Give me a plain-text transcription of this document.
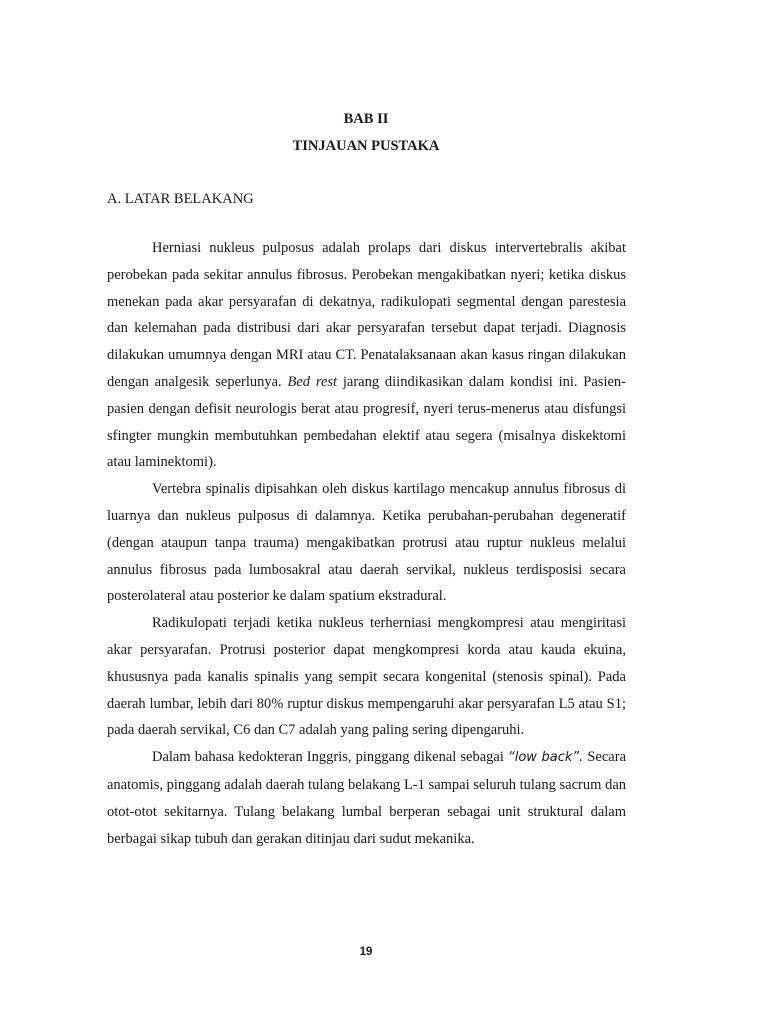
BAB II
TINJAUAN PUSTAKA
A. LATAR BELAKANG

Herniasi nukleus pulposus adalah prolaps dari diskus intervertebralis akibat perobekan pada sekitar annulus fibrosus. Perobekan mengakibatkan nyeri; ketika diskus menekan pada akar persyarafan di dekatnya, radikulopati segmental dengan parestesia dan kelemahan pada distribusi dari akar persyarafan tersebut dapat terjadi. Diagnosis dilakukan umumnya dengan MRI atau CT. Penatalaksanaan akan kasus ringan dilakukan dengan analgesik seperlunya. Bed rest jarang diindikasikan dalam kondisi ini. Pasien-pasien dengan defisit neurologis berat atau progresif, nyeri terus-menerus atau disfungsi sfingter mungkin membutuhkan pembedahan elektif atau segera (misalnya diskektomi atau laminektomi).

Vertebra spinalis dipisahkan oleh diskus kartilago mencakup annulus fibrosus di luarnya dan nukleus pulposus di dalamnya. Ketika perubahan-perubahan degeneratif (dengan ataupun tanpa trauma) mengakibatkan protrusi atau ruptur nukleus melalui annulus fibrosus pada lumbosakral atau daerah servikal, nukleus terdisposisi secara posterolateral atau posterior ke dalam spatium ekstradural.

Radikulopati terjadi ketika nukleus terherniasi mengkompresi atau mengiritasi akar persyarafan. Protrusi posterior dapat mengkompresi korda atau kauda ekuina, khususnya pada kanalis spinalis yang sempit secara kongenital (stenosis spinal). Pada daerah lumbar, lebih dari 80% ruptur diskus mempengaruhi akar persyarafan L5 atau S1; pada daerah servikal, C6 dan C7 adalah yang paling sering dipengaruhi.

Dalam bahasa kedokteran Inggris, pinggang dikenal sebagai “low back”. Secara anatomis, pinggang adalah daerah tulang belakang L-1 sampai seluruh tulang sacrum dan otot-otot sekitarnya. Tulang belakang lumbal berperan sebagai unit struktural dalam berbagai sikap tubuh dan gerakan ditinjau dari sudut mekanika.

19
